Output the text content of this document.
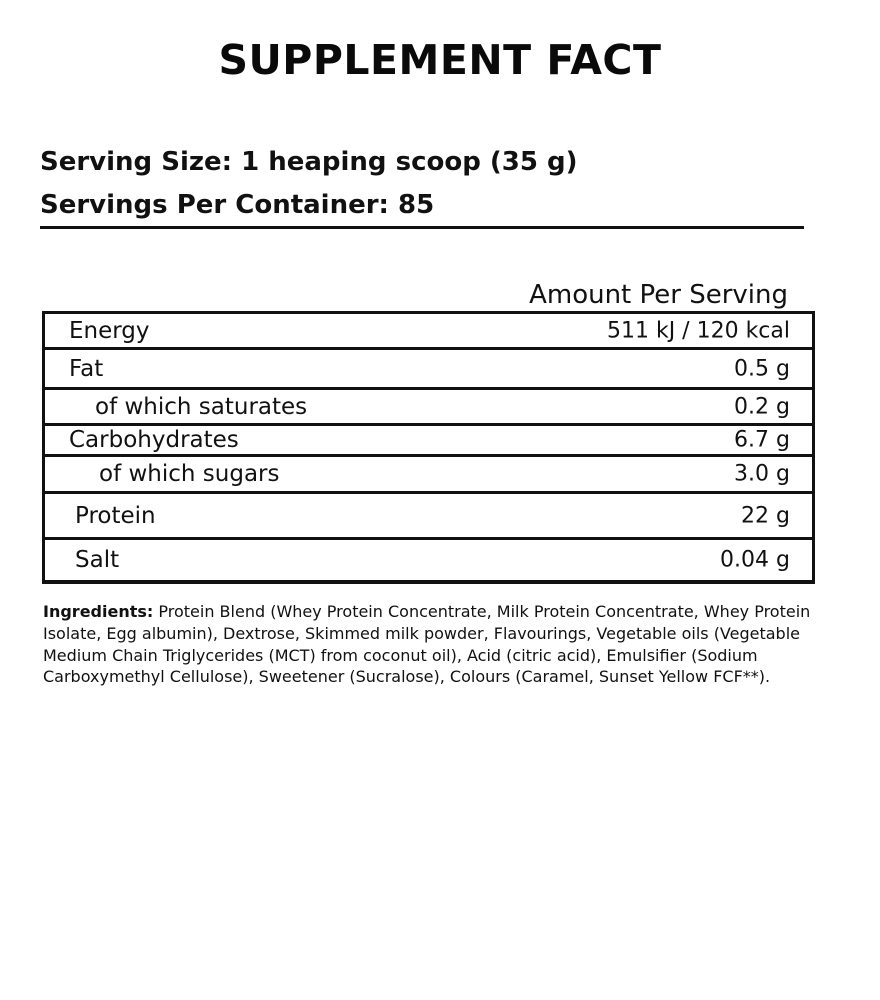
SUPPLEMENT FACT
Serving Size: 1 heaping scoop (35 g)
Servings Per Container: 85
Amount Per Serving
Energy	511 kJ / 120 kcal
Fat	0.5 g
of which saturates	0.2 g
Carbohydrates	6.7 g
of which sugars	3.0 g
Protein	22 g
Salt	0.04 g
Ingredients: Protein Blend (Whey Protein Concentrate, Milk Protein Concentrate, Whey Protein Isolate, Egg albumin), Dextrose, Skimmed milk powder, Flavourings, Vegetable oils (Vegetable Medium Chain Triglycerides (MCT) from coconut oil), Acid (citric acid), Emulsifier (Sodium Carboxymethyl Cellulose), Sweetener (Sucralose), Colours (Caramel, Sunset Yellow FCF**).
